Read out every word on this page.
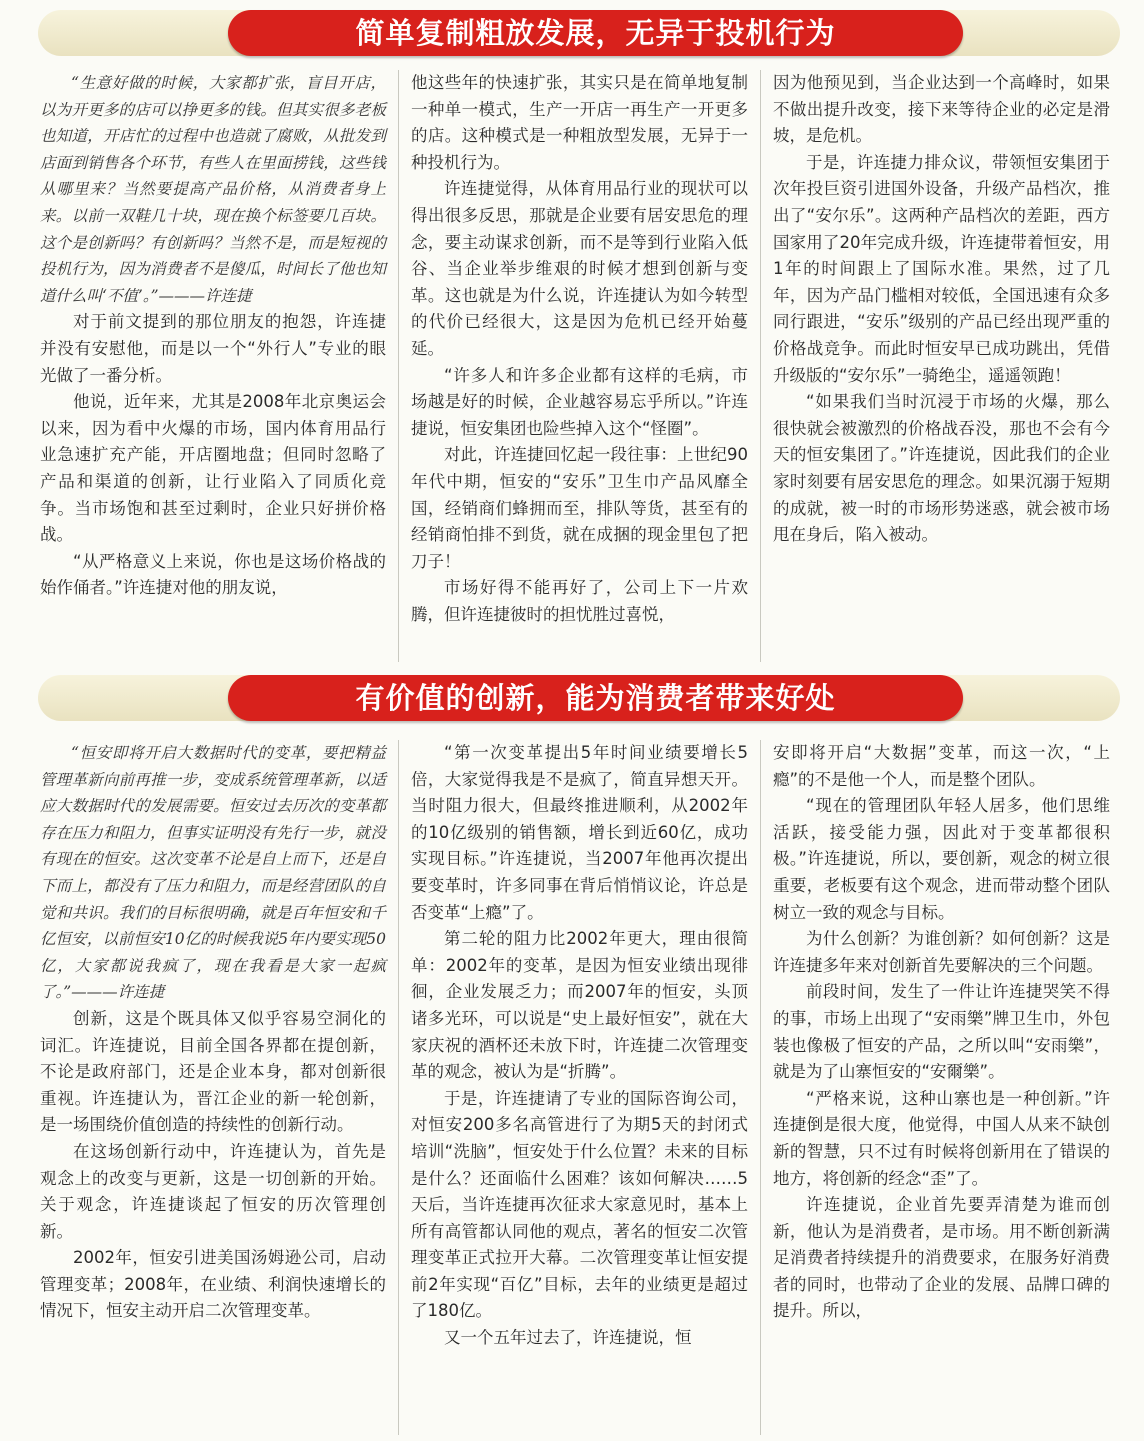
简单复制粗放发展，无异于投机行为

“生意好做的时候，大家都扩张，盲目开店，以为开更多的店可以挣更多的钱。但其实很多老板也知道，开店忙的过程中也造就了腐败，从批发到店面到销售各个环节，有些人在里面捞钱，这些钱从哪里来？当然要提高产品价格，从消费者身上来。以前一双鞋几十块，现在换个标签要几百块。这个是创新吗？有创新吗？当然不是，而是短视的投机行为，因为消费者不是傻瓜，时间长了他也知道什么叫‘不值’。”———许连捷

对于前文提到的那位朋友的抱怨，许连捷并没有安慰他，而是以一个“外行人”专业的眼光做了一番分析。

他说，近年来，尤其是2008年北京奥运会以来，因为看中火爆的市场，国内体育用品行业急速扩充产能，开店圈地盘；但同时忽略了产品和渠道的创新，让行业陷入了同质化竞争。当市场饱和甚至过剩时，企业只好拼价格战。

“从严格意义上来说，你也是这场价格战的始作俑者。”许连捷对他的朋友说，

他这些年的快速扩张，其实只是在简单地复制一种单一模式，生产一开店一再生产一开更多的店。这种模式是一种粗放型发展，无异于一种投机行为。

许连捷觉得，从体育用品行业的现状可以得出很多反思，那就是企业要有居安思危的理念，要主动谋求创新，而不是等到行业陷入低谷、当企业举步维艰的时候才想到创新与变革。这也就是为什么说，许连捷认为如今转型的代价已经很大，这是因为危机已经开始蔓延。

“许多人和许多企业都有这样的毛病，市场越是好的时候，企业越容易忘乎所以。”许连捷说，恒安集团也险些掉入这个“怪圈”。

对此，许连捷回忆起一段往事：上世纪90年代中期，恒安的“安乐”卫生巾产品风靡全国，经销商们蜂拥而至，排队等货，甚至有的经销商怕排不到货，就在成捆的现金里包了把刀子！

市场好得不能再好了，公司上下一片欢腾，但许连捷彼时的担忧胜过喜悦，

因为他预见到，当企业达到一个高峰时，如果不做出提升改变，接下来等待企业的必定是滑坡，是危机。

于是，许连捷力排众议，带领恒安集团于次年投巨资引进国外设备，升级产品档次，推出了“安尔乐”。这两种产品档次的差距，西方国家用了20年完成升级，许连捷带着恒安，用1年的时间跟上了国际水准。果然，过了几年，因为产品门槛相对较低，全国迅速有众多同行跟进，“安乐”级别的产品已经出现严重的价格战竞争。而此时恒安早已成功跳出，凭借升级版的“安尔乐”一骑绝尘，遥遥领跑！

“如果我们当时沉浸于市场的火爆，那么很快就会被激烈的价格战吞没，那也不会有今天的恒安集团了。”许连捷说，因此我们的企业家时刻要有居安思危的理念。如果沉溺于短期的成就，被一时的市场形势迷惑，就会被市场甩在身后，陷入被动。

有价值的创新，能为消费者带来好处

“恒安即将开启大数据时代的变革，要把精益管理革新向前再推一步，变成系统管理革新，以适应大数据时代的发展需要。恒安过去历次的变革都存在压力和阻力，但事实证明没有先行一步，就没有现在的恒安。这次变革不论是自上而下，还是自下而上，都没有了压力和阻力，而是经营团队的自觉和共识。我们的目标很明确，就是百年恒安和千亿恒安，以前恒安10亿的时候我说5年内要实现50亿，大家都说我疯了，现在我看是大家一起疯了。”———许连捷

创新，这是个既具体又似乎容易空洞化的词汇。许连捷说，目前全国各界都在提创新，不论是政府部门，还是企业本身，都对创新很重视。许连捷认为，晋江企业的新一轮创新，是一场围绕价值创造的持续性的创新行动。

在这场创新行动中，许连捷认为，首先是观念上的改变与更新，这是一切创新的开始。关于观念，许连捷谈起了恒安的历次管理创新。

2002年，恒安引进美国汤姆逊公司，启动管理变革；2008年，在业绩、利润快速增长的情况下，恒安主动开启二次管理变革。

“第一次变革提出5年时间业绩要增长5倍，大家觉得我是不是疯了，简直异想天开。当时阻力很大，但最终推进顺利，从2002年的10亿级别的销售额，增长到近60亿，成功实现目标。”许连捷说，当2007年他再次提出要变革时，许多同事在背后悄悄议论，许总是否变革“上瘾”了。

第二轮的阻力比2002年更大，理由很简单：2002年的变革，是因为恒安业绩出现徘徊，企业发展乏力；而2007年的恒安，头顶诸多光环，可以说是“史上最好恒安”，就在大家庆祝的酒杯还未放下时，许连捷二次管理变革的观念，被认为是“折腾”。

于是，许连捷请了专业的国际咨询公司，对恒安200多名高管进行了为期5天的封闭式培训“洗脑”，恒安处于什么位置？未来的目标是什么？还面临什么困难？该如何解决……5天后，当许连捷再次征求大家意见时，基本上所有高管都认同他的观点，著名的恒安二次管理变革正式拉开大幕。二次管理变革让恒安提前2年实现“百亿”目标，去年的业绩更是超过了180亿。

又一个五年过去了，许连捷说，恒

安即将开启“大数据”变革，而这一次，“上瘾”的不是他一个人，而是整个团队。

“现在的管理团队年轻人居多，他们思维活跃，接受能力强，因此对于变革都很积极。”许连捷说，所以，要创新，观念的树立很重要，老板要有这个观念，进而带动整个团队树立一致的观念与目标。

为什么创新？为谁创新？如何创新？这是许连捷多年来对创新首先要解决的三个问题。

前段时间，发生了一件让许连捷哭笑不得的事，市场上出现了“安雨樂”牌卫生巾，外包装也像极了恒安的产品，之所以叫“安雨樂”，就是为了山寨恒安的“安爾樂”。

“严格来说，这种山寨也是一种创新。”许连捷倒是很大度，他觉得，中国人从来不缺创新的智慧，只不过有时候将创新用在了错误的地方，将创新的经念“歪”了。

许连捷说，企业首先要弄清楚为谁而创新，他认为是消费者，是市场。用不断创新满足消费者持续提升的消费要求，在服务好消费者的同时，也带动了企业的发展、品牌口碑的提升。所以，
